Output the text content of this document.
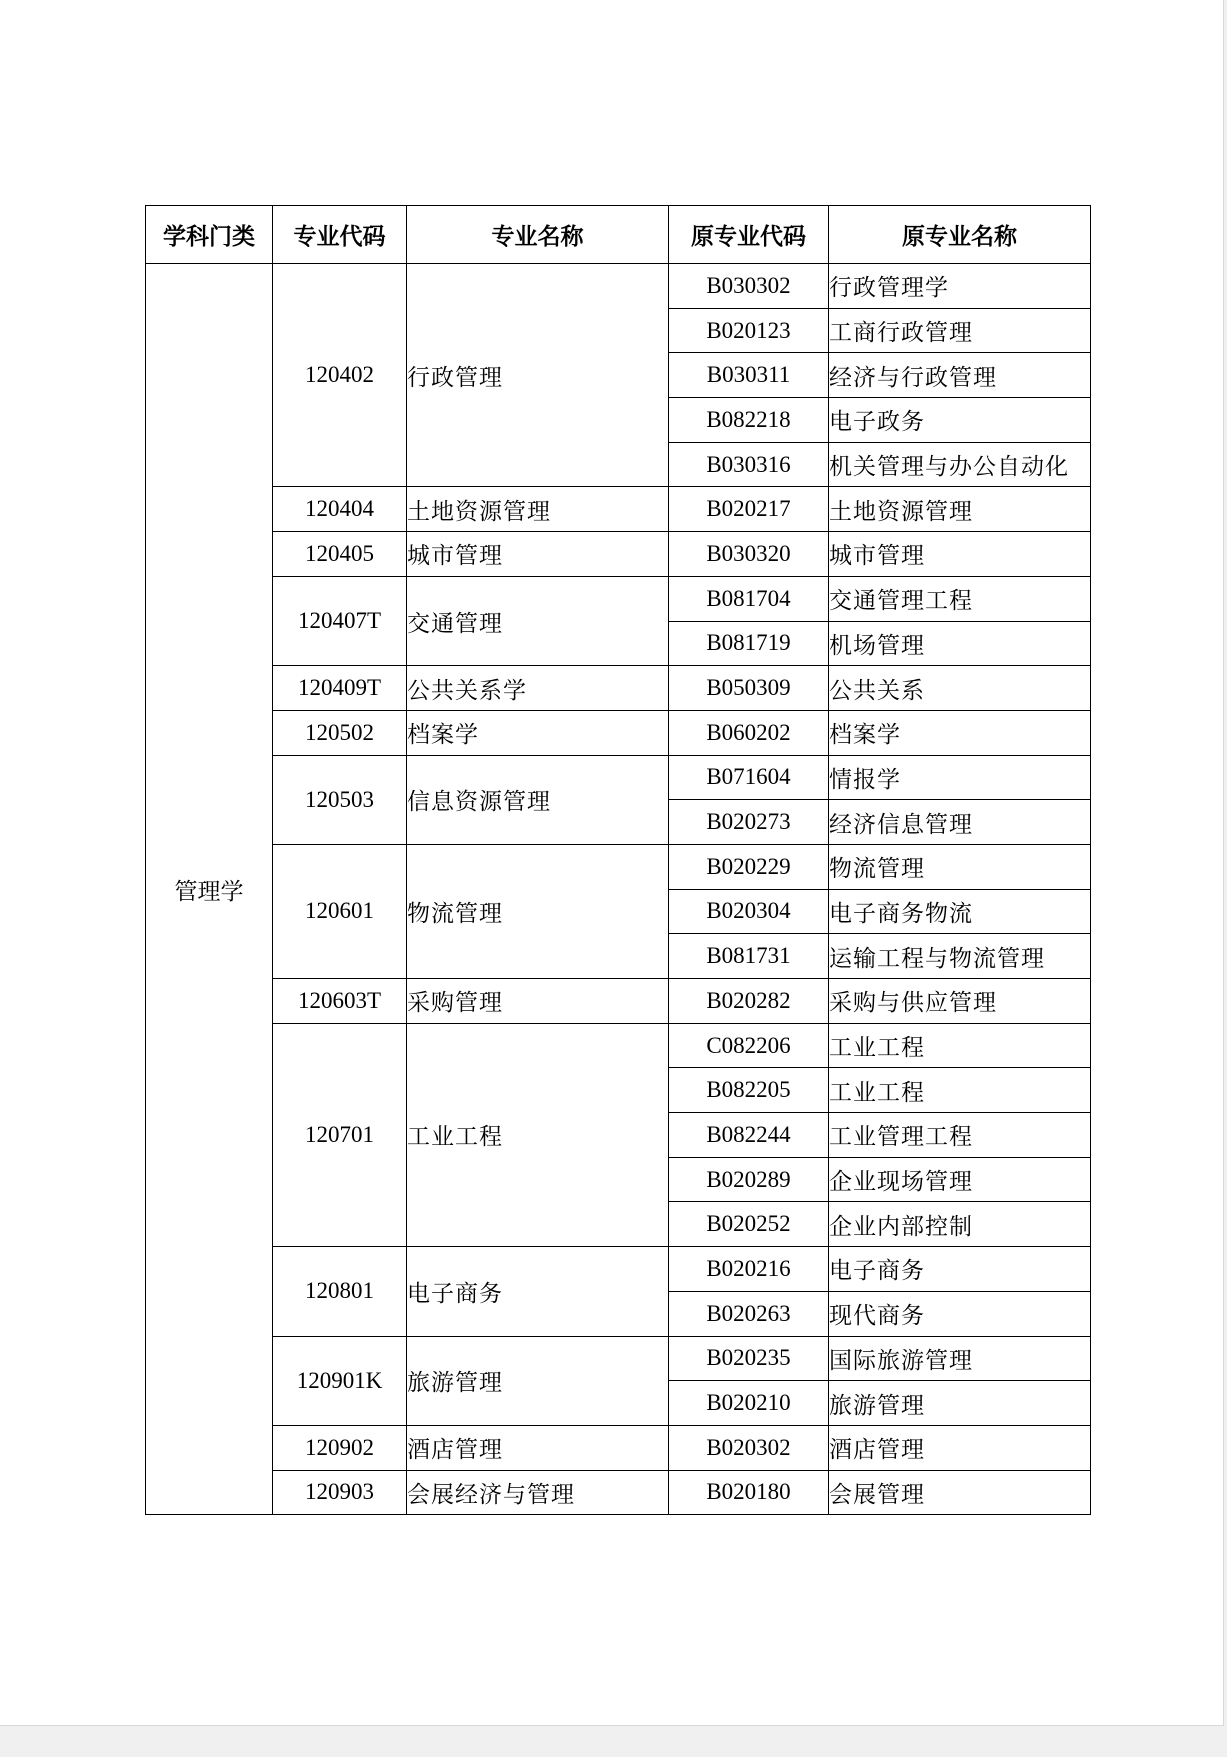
学科门类	专业代码	专业名称	原专业代码	原专业名称
管理学	120402	行政管理	B030302	行政管理学
			B020123	工商行政管理
			B030311	经济与行政管理
			B082218	电子政务
			B030316	机关管理与办公自动化
	120404	土地资源管理	B020217	土地资源管理
	120405	城市管理	B030320	城市管理
	120407T	交通管理	B081704	交通管理工程
			B081719	机场管理
	120409T	公共关系学	B050309	公共关系
	120502	档案学	B060202	档案学
	120503	信息资源管理	B071604	情报学
			B020273	经济信息管理
	120601	物流管理	B020229	物流管理
			B020304	电子商务物流
			B081731	运输工程与物流管理
	120603T	采购管理	B020282	采购与供应管理
	120701	工业工程	C082206	工业工程
			B082205	工业工程
			B082244	工业管理工程
			B020289	企业现场管理
			B020252	企业内部控制
	120801	电子商务	B020216	电子商务
			B020263	现代商务
	120901K	旅游管理	B020235	国际旅游管理
			B020210	旅游管理
	120902	酒店管理	B020302	酒店管理
	120903	会展经济与管理	B020180	会展管理
